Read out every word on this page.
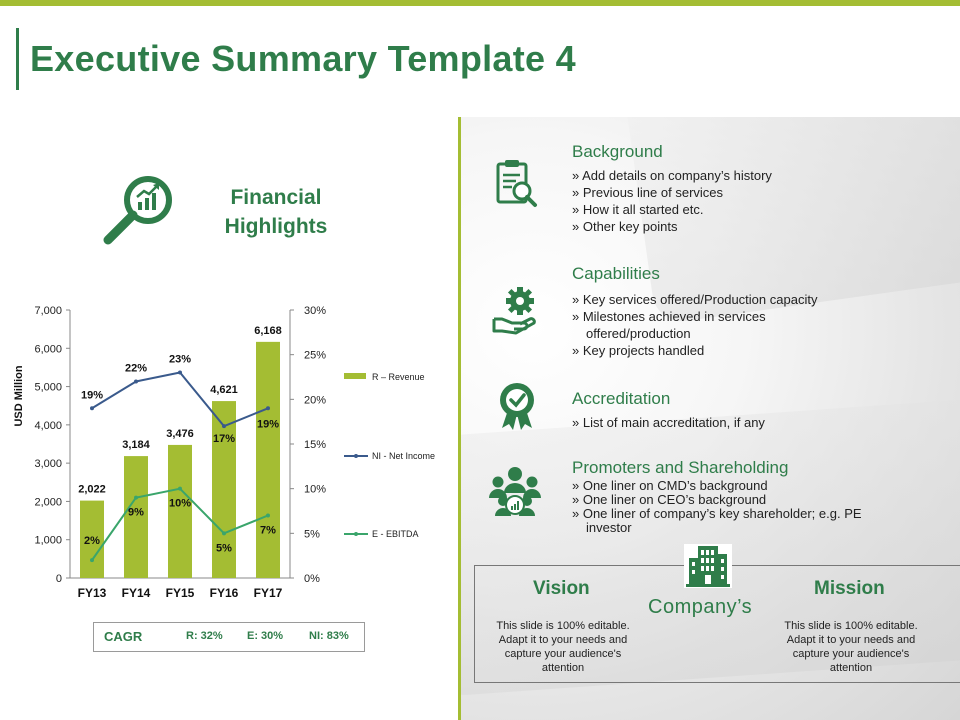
Executive Summary Template 4
Financial
Highlights
0
1,000
2,000
3,000
4,000
5,000
6,000
7,000
0%
5%
10%
15%
20%
25%
30%
USD Million
FY13 FY14 FY15 FY16 FY17
2,022
3,184
3,476
4,621
6,168
19%
22%
23%
17%
19%
2%
9%
10%
5%
7%
R – Revenue
NI - Net Income
E - EBITDA
CAGR	R: 32% E: 30% NI: 83%
Background
» Add details on company’s history
» Previous line of services
» How it all started etc.
» Other key points
Capabilities
» Key services offered/Production capacity
» Milestones achieved in services offered/production
» Key projects handled
Accreditation
» List of main accreditation, if any
Promoters and Shareholding
» One liner on CMD’s background
» One liner on CEO’s background
» One liner of company’s key shareholder; e.g. PE investor
Company’s
Vision
This slide is 100% editable. Adapt it to your needs and capture your audience's attention
Mission
This slide is 100% editable. Adapt it to your needs and capture your audience's attention
